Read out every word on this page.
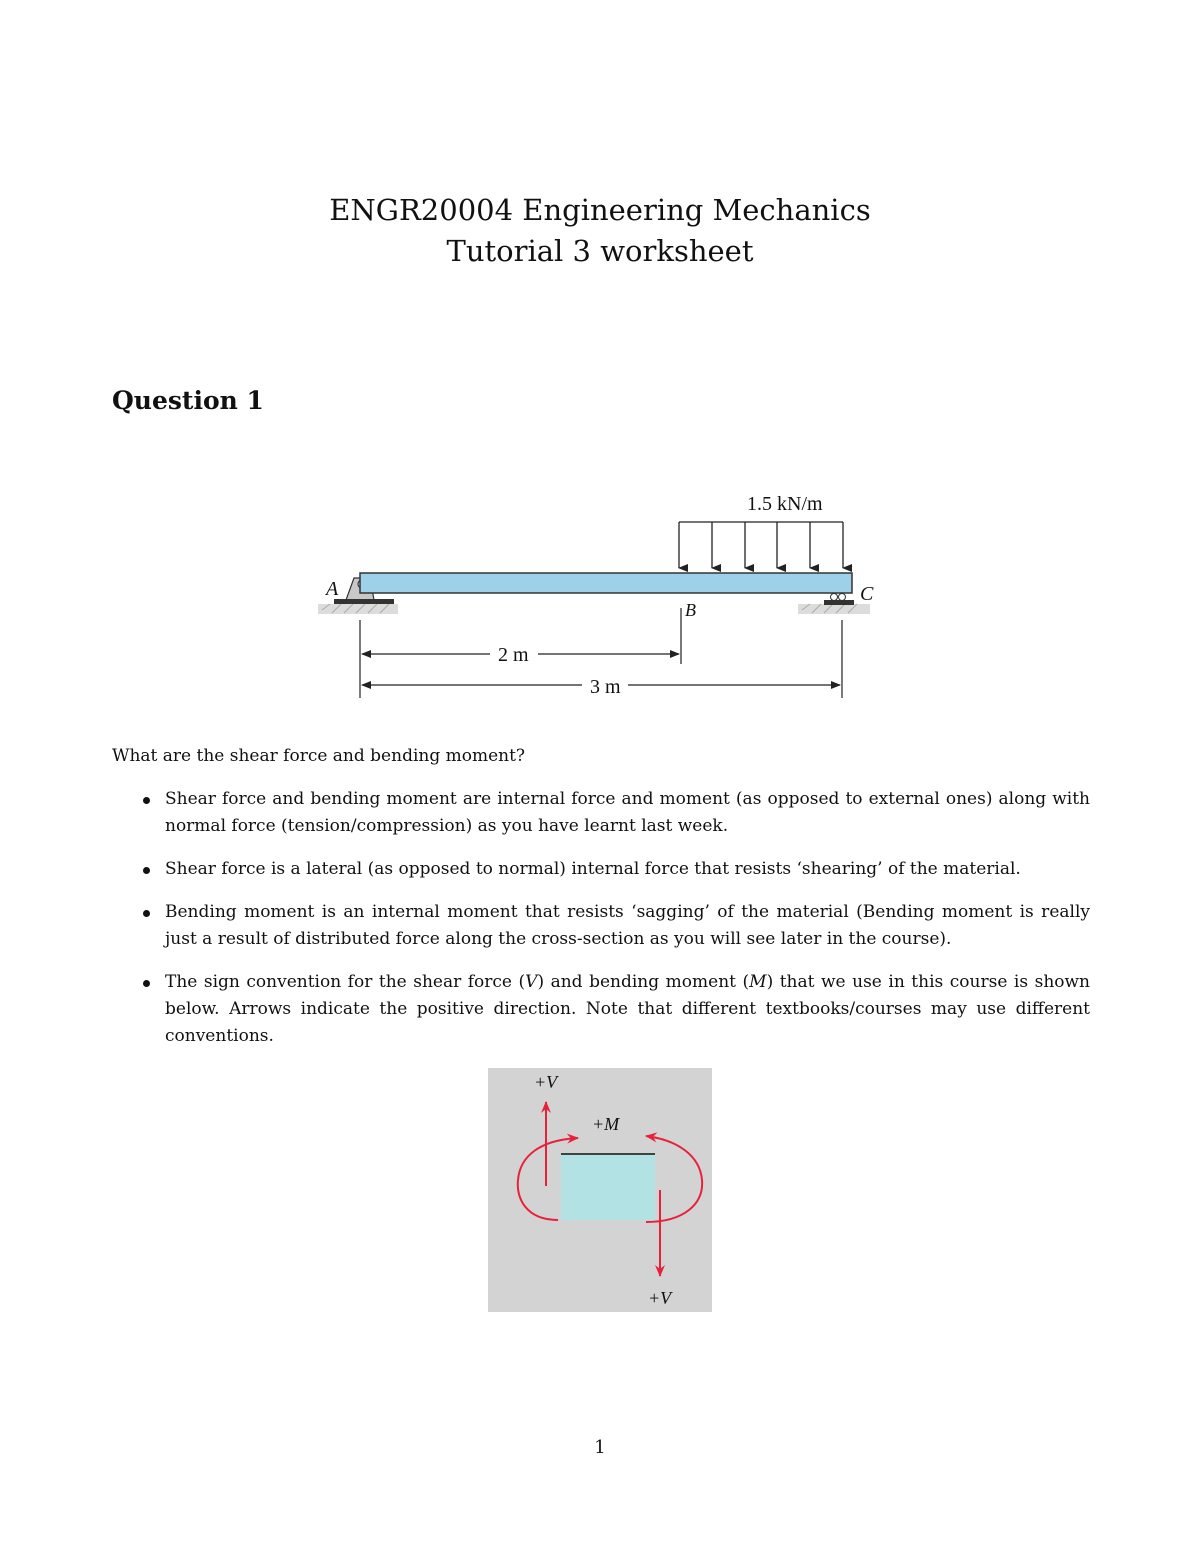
ENGR20004 Engineering Mechanics
Tutorial 3 worksheet
Question 1
1.5 kN/m
A
B
C
2 m
3 m
What are the shear force and bending moment?
Shear force and bending moment are internal force and moment (as opposed to external ones) along with normal force (tension/compression) as you have learnt last week.
Shear force is a lateral (as opposed to normal) internal force that resists ‘shearing’ of the material.
Bending moment is an internal moment that resists ‘sagging’ of the material (Bending moment is really just a result of distributed force along the cross-section as you will see later in the course).
The sign convention for the shear force (V) and bending moment (M) that we use in this course is shown below. Arrows indicate the positive direction. Note that different textbooks/courses may use different conventions.
+V
+M
+V
1
